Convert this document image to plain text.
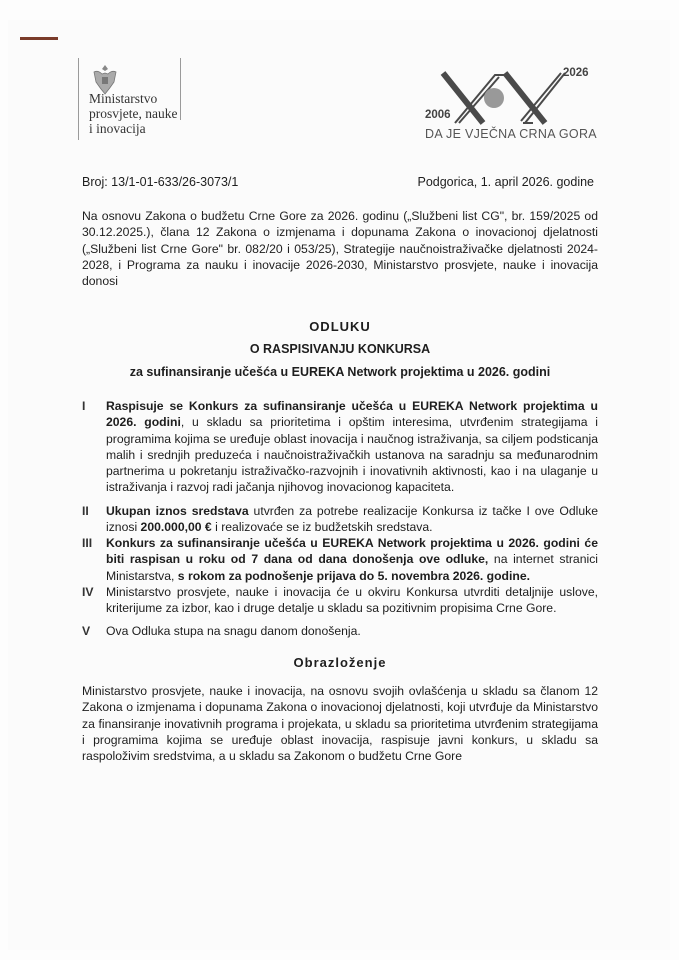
Ministarstvo
prosvjete, nauke
i inovacija
2026
2006
DA JE VJEČNA CRNA GORA
Broj: 13/1-01-633/26-3073/1	Podgorica, 1. april 2026. godine
Na osnovu Zakona o budžetu Crne Gore za 2026. godinu („Službeni list CG", br. 159/2025 od 30.12.2025.), člana 12 Zakona o izmjenama i dopunama Zakona o inovacionoj djelatnosti („Službeni list Crne Gore" br. 082/20 i 053/25), Strategije naučnoistraživačke djelatnosti 2024-2028, i Programa za nauku i inovacije 2026-2030, Ministarstvo prosvjete, nauke i inovacija donosi
ODLUKU
O RASPISIVANJU KONKURSA
za sufinansiranje učešća u EUREKA Network projektima u 2026. godini
I Raspisuje se Konkurs za sufinansiranje učešća u EUREKA Network projektima u 2026. godini, u skladu sa prioritetima i opštim interesima, utvrđenim strategijama i programima kojima se uređuje oblast inovacija i naučnog istraživanja, sa ciljem podsticanja malih i srednjih preduzeća i naučnoistraživačkih ustanova na saradnju sa međunarodnim partnerima u pokretanju istraživačko-razvojnih i inovativnih aktivnosti, kao i na ulaganje u istraživanja i razvoj radi jačanja njihovog inovacionog kapaciteta.
II Ukupan iznos sredstava utvrđen za potrebe realizacije Konkursa iz tačke I ove Odluke iznosi 200.000,00 € i realizovaće se iz budžetskih sredstava.
III Konkurs za sufinansiranje učešća u EUREKA Network projektima u 2026. godini će biti raspisan u roku od 7 dana od dana donošenja ove odluke, na internet stranici Ministarstva, s rokom za podnošenje prijava do 5. novembra 2026. godine.
IV Ministarstvo prosvjete, nauke i inovacija će u okviru Konkursa utvrditi detaljnije uslove, kriterijume za izbor, kao i druge detalje u skladu sa pozitivnim propisima Crne Gore.
V Ova Odluka stupa na snagu danom donošenja.
Obrazloženje
Ministarstvo prosvjete, nauke i inovacija, na osnovu svojih ovlašćenja u skladu sa članom 12 Zakona o izmjenama i dopunama Zakona o inovacionoj djelatnosti, koji utvrđuje da Ministarstvo za finansiranje inovativnih programa i projekata, u skladu sa prioritetima utvrđenim strategijama i programima kojima se uređuje oblast inovacija, raspisuje javni konkurs, u skladu sa raspoloživim sredstvima, a u skladu sa Zakonom o budžetu Crne Gore
